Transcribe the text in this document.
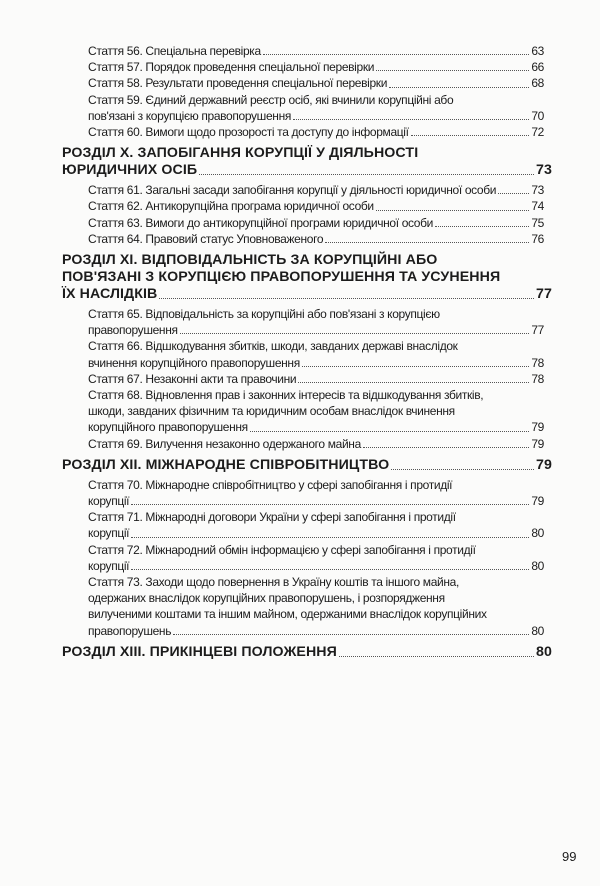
Стаття 56. Спеціальна перевірка	63
Стаття 57. Порядок проведення спеціальної перевірки	66
Стаття 58. Результати проведення спеціальної перевірки	68
Стаття 59. Єдиний державний реєстр осіб, які вчинили корупційні або
пов'язані з корупцією правопорушення	70
Стаття 60. Вимоги щодо прозорості та доступу до інформації	72
РОЗДІЛ X. ЗАПОБІГАННЯ КОРУПЦІЇ У ДІЯЛЬНОСТІ
ЮРИДИЧНИХ ОСІБ	73
Стаття 61. Загальні засади запобігання корупції у діяльності юридичної особи	73
Стаття 62. Антикорупційна програма юридичної особи	74
Стаття 63. Вимоги до антикорупційної програми юридичної особи	75
Стаття 64. Правовий статус Уповноваженого	76
РОЗДІЛ XI. ВІДПОВІДАЛЬНІСТЬ ЗА КОРУПЦІЙНІ АБО
ПОВ'ЯЗАНІ З КОРУПЦІЄЮ ПРАВОПОРУШЕННЯ ТА УСУНЕННЯ
ЇХ НАСЛІДКІВ	77
Стаття 65. Відповідальність за корупційні або пов'язані з корупцією
правопорушення	77
Стаття 66. Відшкодування збитків, шкоди, завданих державі внаслідок
вчинення корупційного правопорушення	78
Стаття 67. Незаконні акти та правочини	78
Стаття 68. Відновлення прав і законних інтересів та відшкодування збитків,
шкоди, завданих фізичним та юридичним особам внаслідок вчинення
корупційного правопорушення	79
Стаття 69. Вилучення незаконно одержаного майна	79
РОЗДІЛ XII. МІЖНАРОДНЕ СПІВРОБІТНИЦТВО	79
Стаття 70. Міжнародне співробітництво у сфері запобігання і протидії
корупції	79
Стаття 71. Міжнародні договори України у сфері запобігання і протидії
корупції	80
Стаття 72. Міжнародний обмін інформацією у сфері запобігання і протидії
корупції	80
Стаття 73. Заходи щодо повернення в Україну коштів та іншого майна,
одержаних внаслідок корупційних правопорушень, і розпорядження
вилученими коштами та іншим майном, одержаними внаслідок корупційних
правопорушень	80
РОЗДІЛ XIII. ПРИКІНЦЕВІ ПОЛОЖЕННЯ	80
99
